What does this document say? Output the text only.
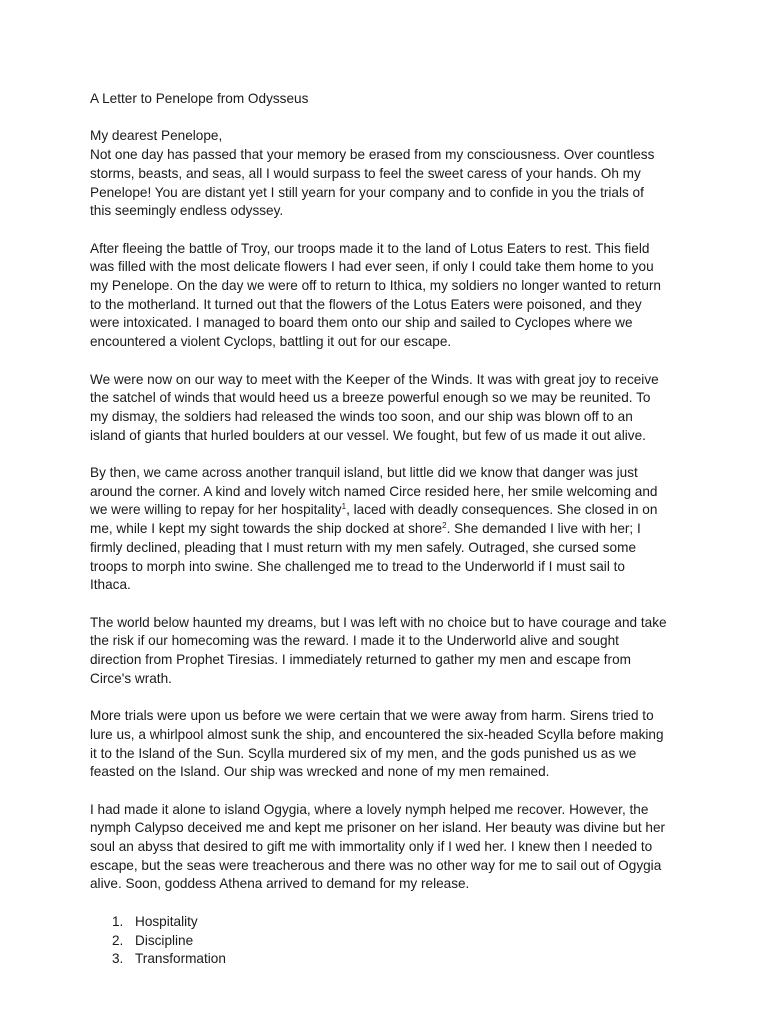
A Letter to Penelope from Odysseus

My dearest Penelope,

Not one day has passed that your memory be erased from my consciousness. Over countless
storms, beasts, and seas, all I would surpass to feel the sweet caress of your hands. Oh my
Penelope! You are distant yet I still yearn for your company and to confide in you the trials of
this seemingly endless odyssey.

After fleeing the battle of Troy, our troops made it to the land of Lotus Eaters to rest. This field
was filled with the most delicate flowers I had ever seen, if only I could take them home to you
my Penelope. On the day we were off to return to Ithica, my soldiers no longer wanted to return
to the motherland. It turned out that the flowers of the Lotus Eaters were poisoned, and they
were intoxicated. I managed to board them onto our ship and sailed to Cyclopes where we
encountered a violent Cyclops, battling it out for our escape.

We were now on our way to meet with the Keeper of the Winds. It was with great joy to receive
the satchel of winds that would heed us a breeze powerful enough so we may be reunited. To
my dismay, the soldiers had released the winds too soon, and our ship was blown off to an
island of giants that hurled boulders at our vessel. We fought, but few of us made it out alive.

By then, we came across another tranquil island, but little did we know that danger was just
around the corner. A kind and lovely witch named Circe resided here, her smile welcoming and
we were willing to repay for her hospitality$^1$, laced with deadly consequences. She closed in on
me, while I kept my sight towards the ship docked at shore$^2$. She demanded I live with her; I
firmly declined, pleading that I must return with my men safely. Outraged, she cursed some
troops to morph into swine. She challenged me to tread to the Underworld if I must sail to
Ithaca.

The world below haunted my dreams, but I was left with no choice but to have courage and take
the risk if our homecoming was the reward. I made it to the Underworld alive and sought
direction from Prophet Tiresias. I immediately returned to gather my men and escape from
Circe's wrath.

More trials were upon us before we were certain that we were away from harm. Sirens tried to
lure us, a whirlpool almost sunk the ship, and encountered the six-headed Scylla before making
it to the Island of the Sun. Scylla murdered six of my men, and the gods punished us as we
feasted on the Island. Our ship was wrecked and none of my men remained.

I had made it alone to island Ogygia, where a lovely nymph helped me recover. However, the
nymph Calypso deceived me and kept me prisoner on her island. Her beauty was divine but her
soul an abyss that desired to gift me with immortality only if I wed her. I knew then I needed to
escape, but the seas were treacherous and there was no other way for me to sail out of Ogygia
alive. Soon, goddess Athena arrived to demand for my release.

1. Hospitality
2. Discipline
3. Transformation
